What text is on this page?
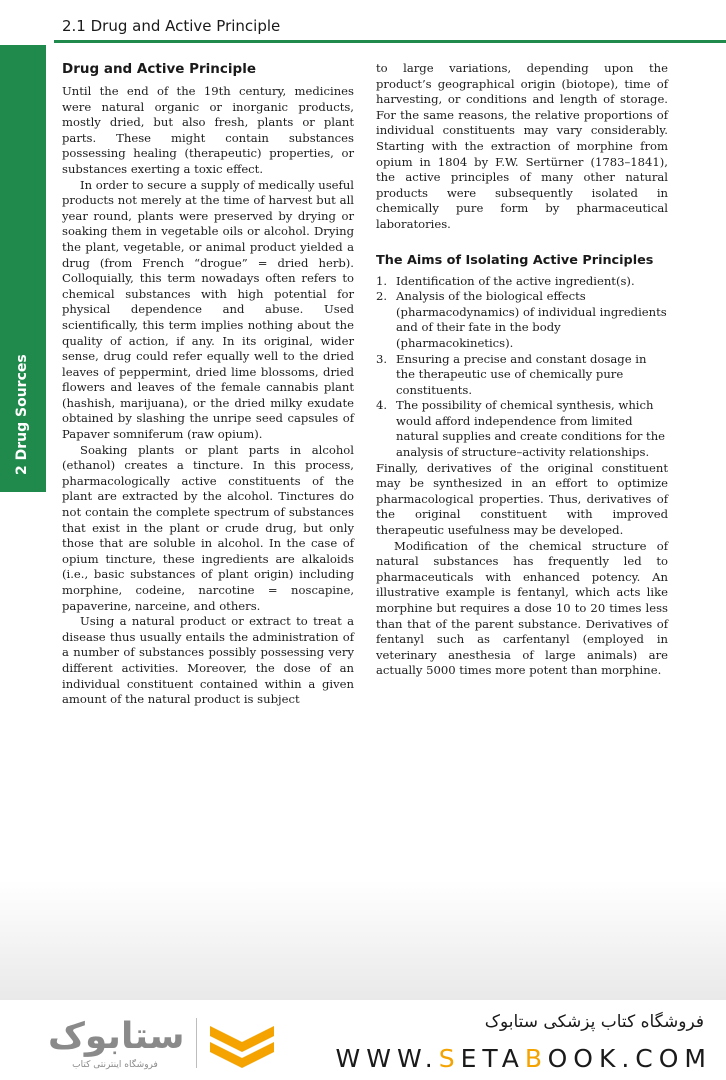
2.1 Drug and Active Principle
2 Drug Sources
Drug and Active Principle

Until the end of the 19th century, medicines were natural organic or inorganic products, mostly dried, but also fresh, plants or plant parts. These might contain substances possessing healing (therapeutic) properties, or substances exerting a toxic effect.

In order to secure a supply of medically useful products not merely at the time of harvest but all year round, plants were preserved by drying or soaking them in vegetable oils or alcohol. Drying the plant, vegetable, or animal product yielded a drug (from French “drogue” = dried herb). Colloquially, this term nowadays often refers to chemical substances with high potential for physical dependence and abuse. Used scientifically, this term implies nothing about the quality of action, if any. In its original, wider sense, drug could refer equally well to the dried leaves of peppermint, dried lime blossoms, dried flowers and leaves of the female cannabis plant (hashish, marijuana), or the dried milky exudate obtained by slashing the unripe seed capsules of Papaver somniferum (raw opium).

Soaking plants or plant parts in alcohol (ethanol) creates a tincture. In this process, pharmacologically active constituents of the plant are extracted by the alcohol. Tinctures do not contain the complete spectrum of substances that exist in the plant or crude drug, but only those that are soluble in alcohol. In the case of opium tincture, these ingredients are alkaloids (i.e., basic substances of plant origin) including morphine, codeine, narcotine = noscapine, papaverine, narceine, and others.

Using a natural product or extract to treat a disease thus usually entails the administration of a number of substances possibly possessing very different activities. Moreover, the dose of an individual constituent contained within a given amount of the natural product is subject

to large variations, depending upon the product’s geographical origin (biotope), time of harvesting, or conditions and length of storage. For the same reasons, the relative proportions of individual constituents may vary considerably. Starting with the extraction of morphine from opium in 1804 by F.W. Sertürner (1783–1841), the active principles of many other natural products were subsequently isolated in chemically pure form by pharmaceutical laboratories.

The Aims of Isolating Active Principles
1. Identification of the active ingredient(s).
2. Analysis of the biological effects (pharmacodynamics) of individual ingredients and of their fate in the body (pharmacokinetics).
3. Ensuring a precise and constant dosage in the therapeutic use of chemically pure constituents.
4. The possibility of chemical synthesis, which would afford independence from limited natural supplies and create conditions for the analysis of structure–activity relationships.

Finally, derivatives of the original constituent may be synthesized in an effort to optimize pharmacological properties. Thus, derivatives of the original constituent with improved therapeutic usefulness may be developed.

Modification of the chemical structure of natural substances has frequently led to pharmaceuticals with enhanced potency. An illustrative example is fentanyl, which acts like morphine but requires a dose 10 to 20 times less than that of the parent substance. Derivatives of fentanyl such as carfentanyl (employed in veterinary anesthesia of large animals) are actually 5000 times more potent than morphine.

ستابوک
فروشگاه اینترنتی کتاب
فروشگاه کتاب پزشکی ستابوک
WWW.SETABOOK.COM
